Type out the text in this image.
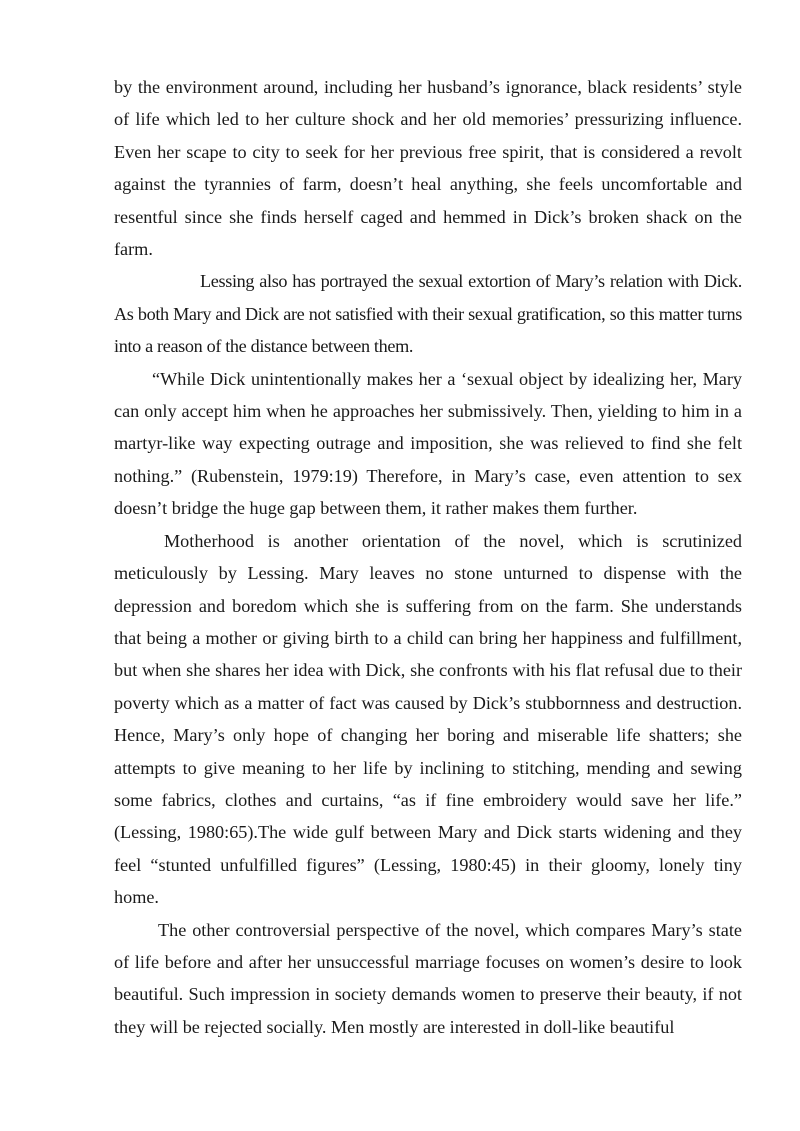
by the environment around, including her husband’s ignorance, black residents’ style of life which led to her culture shock and her old memories’ pressurizing influence. Even her scape to city to seek for her previous free spirit, that is considered a revolt against the tyrannies of farm, doesn’t heal anything, she feels uncomfortable and resentful since she finds herself caged and hemmed in Dick’s broken shack on the farm.

Lessing also has portrayed the sexual extortion of Mary’s relation with Dick. As both Mary and Dick are not satisfied with their sexual gratification, so this matter turns into a reason of the distance between them.

“While Dick unintentionally makes her a ‘sexual object by idealizing her, Mary can only accept him when he approaches her submissively. Then, yielding to him in a martyr-like way expecting outrage and imposition, she was relieved to find she felt nothing.” (Rubenstein, 1979:19) Therefore, in Mary’s case, even attention to sex doesn’t bridge the huge gap between them, it rather makes them further.

Motherhood is another orientation of the novel, which is scrutinized meticulously by Lessing. Mary leaves no stone unturned to dispense with the depression and boredom which she is suffering from on the farm. She understands that being a mother or giving birth to a child can bring her happiness and fulfillment, but when she shares her idea with Dick, she confronts with his flat refusal due to their poverty which as a matter of fact was caused by Dick’s stubbornness and destruction. Hence, Mary’s only hope of changing her boring and miserable life shatters; she attempts to give meaning to her life by inclining to stitching, mending and sewing some fabrics, clothes and curtains, “as if fine embroidery would save her life.” (Lessing, 1980:65).The wide gulf between Mary and Dick starts widening and they feel “stunted unfulfilled figures” (Lessing, 1980:45) in their gloomy, lonely tiny home.

The other controversial perspective of the novel, which compares Mary’s state of life before and after her unsuccessful marriage focuses on women’s desire to look beautiful. Such impression in society demands women to preserve their beauty, if not they will be rejected socially. Men mostly are interested in doll-like beautiful
